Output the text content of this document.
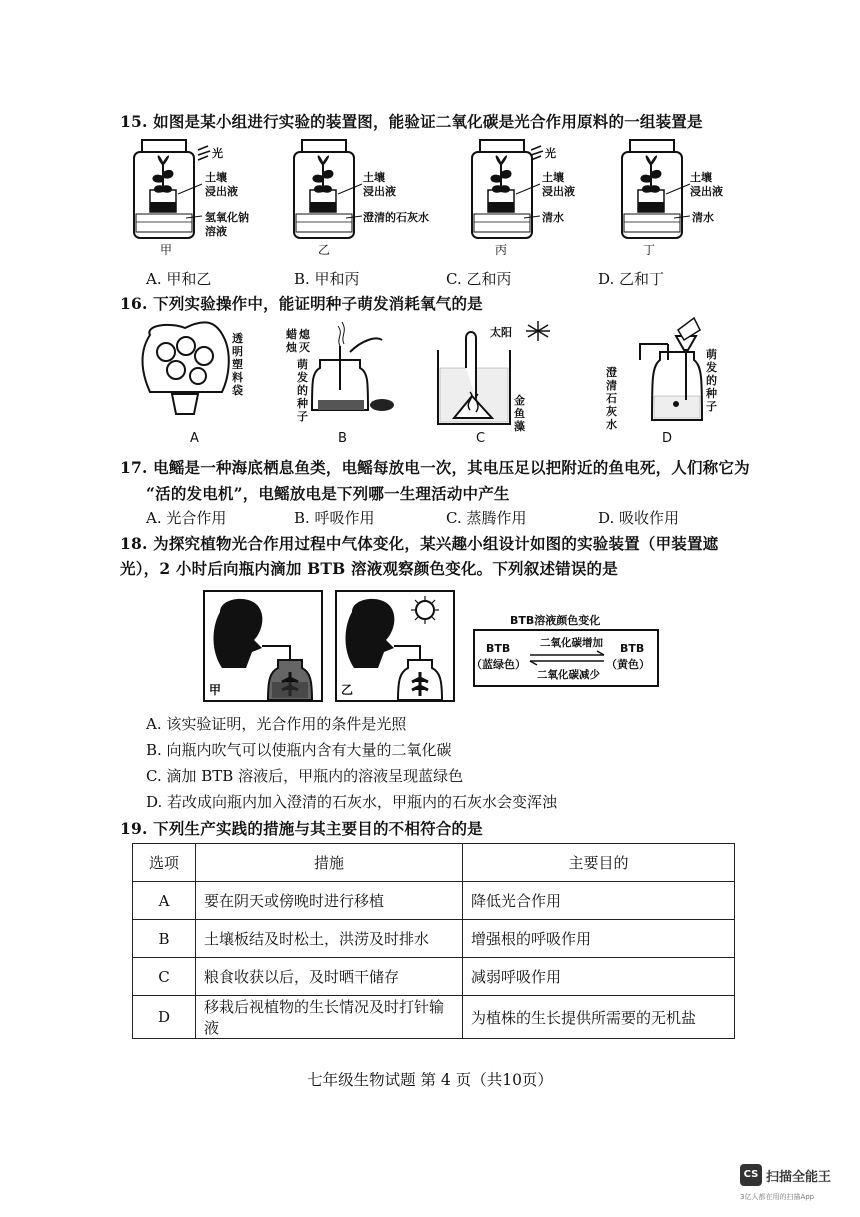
15. 如图是某小组进行实验的装置图，能验证二氧化碳是光合作用原料的一组装置是
光
土壤
浸出液
氢氧化钠
溶液
甲
土壤
浸出液
澄清的石灰水
乙
光
土壤
浸出液
清水
丙
土壤
浸出液
清水
丁
A. 甲和乙	B. 甲和丙	C. 乙和丙	D. 乙和丁
16. 下列实验操作中，能证明种子萌发消耗氧气的是
透明塑料袋
A
蜡烛熄灭
萌发的种子
B
太阳
金鱼藻
C
澄清石灰水
萌发的种子
D
17. 电鳐是一种海底栖息鱼类，电鳐每放电一次，其电压足以把附近的鱼电死，人们称它为
“活的发电机”，电鳐放电是下列哪一生理活动中产生
A. 光合作用	B. 呼吸作用	C. 蒸腾作用	D. 吸收作用
18. 为探究植物光合作用过程中气体变化，某兴趣小组设计如图的实验装置（甲装置遮
光），2 小时后向瓶内滴加 BTB 溶液观察颜色变化。下列叙述错误的是
甲	乙
BTB溶液颜色变化
BTB
（蓝绿色）
BTB
（黄色）
二氧化碳增加
二氧化碳减少
A. 该实验证明，光合作用的条件是光照
B. 向瓶内吹气可以使瓶内含有大量的二氧化碳
C. 滴加 BTB 溶液后，甲瓶内的溶液呈现蓝绿色
D. 若改成向瓶内加入澄清的石灰水，甲瓶内的石灰水会变浑浊
19. 下列生产实践的措施与其主要目的不相符合的是
选项	措施	主要目的
A	要在阴天或傍晚时进行移植	降低光合作用
B	土壤板结及时松土，洪涝及时排水	增强根的呼吸作用
C	粮食收获以后，及时晒干储存	减弱呼吸作用
D	移栽后视植物的生长情况及时打针输液	为植株的生长提供所需要的无机盐
七年级生物试题 第 4 页（共10页）
CS 扫描全能王
3亿人都在用的扫描App
